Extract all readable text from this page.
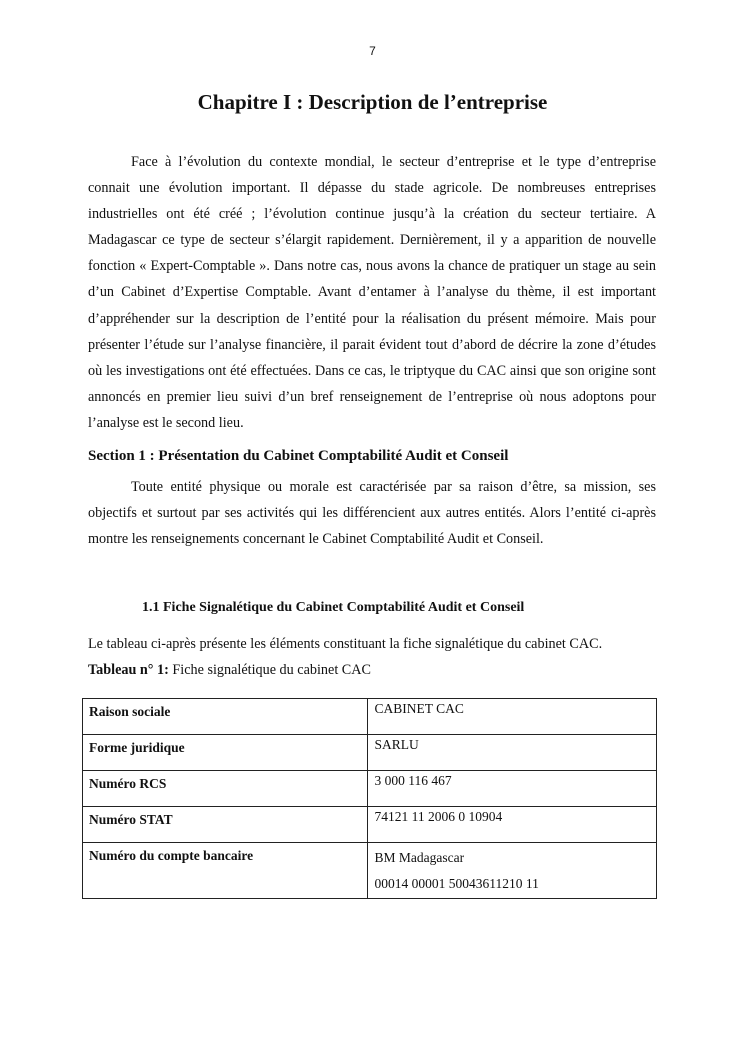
7
Chapitre I : Description de l’entreprise

Face à l’évolution du contexte mondial, le secteur d’entreprise et le type d’entreprise connait une évolution important. Il dépasse du stade agricole. De nombreuses entreprises industrielles ont été créé ; l’évolution continue jusqu’à la création du secteur tertiaire. A Madagascar ce type de secteur s’élargit rapidement. Dernièrement, il y a apparition de nouvelle fonction « Expert-Comptable ». Dans notre cas, nous avons la chance de pratiquer un stage au sein d’un Cabinet d’Expertise Comptable. Avant d’entamer à l’analyse du thème, il est important d’appréhender sur la description de l’entité pour la réalisation du présent mémoire. Mais pour présenter l’étude sur l’analyse financière, il parait évident tout d’abord de décrire la zone d’études où les investigations ont été effectuées. Dans ce cas, le triptyque du CAC ainsi que son origine sont annoncés en premier lieu suivi d’un bref renseignement de l’entreprise où nous adoptons pour l’analyse est le second lieu.

Section 1 : Présentation du Cabinet Comptabilité Audit et Conseil

Toute entité physique ou morale est caractérisée par sa raison d’être, sa mission, ses objectifs et surtout par ses activités qui les différencient aux autres entités. Alors l’entité ci-après montre les renseignements concernant le Cabinet Comptabilité Audit et Conseil.

1.1 Fiche Signalétique du Cabinet Comptabilité Audit et Conseil

Le tableau ci-après présente les éléments constituant la fiche signalétique du cabinet CAC.

Tableau n° 1: Fiche signalétique du cabinet CAC

Raison sociale	CABINET CAC
Forme juridique	SARLU
Numéro RCS	3 000 116 467
Numéro STAT	74121 11 2006 0 10904
Numéro du compte bancaire	BM Madagascar
00014 00001 50043611210 11
